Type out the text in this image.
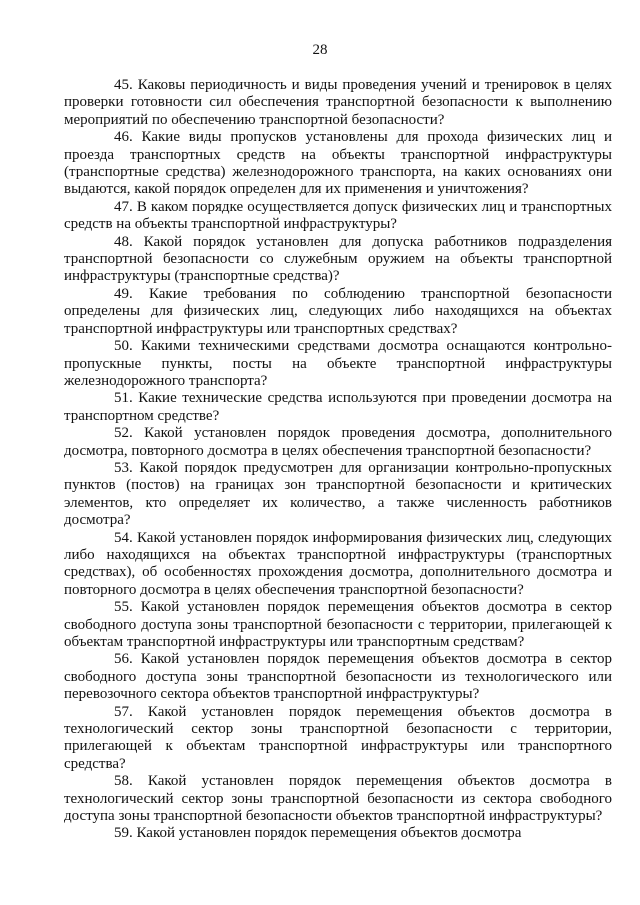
28

45. Каковы периодичность и виды проведения учений и тренировок в целях проверки готовности сил обеспечения транспортной безопасности к выполнению мероприятий по обеспечению транспортной безопасности?

46. Какие виды пропусков установлены для прохода физических лиц и проезда транспортных средств на объекты транспортной инфраструктуры (транспортные средства) железнодорожного транспорта, на каких основаниях они выдаются, какой порядок определен для их применения и уничтожения?

47. В каком порядке осуществляется допуск физических лиц и транспортных средств на объекты транспортной инфраструктуры?

48. Какой порядок установлен для допуска работников подразделения транспортной безопасности со служебным оружием на объекты транспортной инфраструктуры (транспортные средства)?

49. Какие требования по соблюдению транспортной безопасности определены для физических лиц, следующих либо находящихся на объектах транспортной инфраструктуры или транспортных средствах?

50. Какими техническими средствами досмотра оснащаются контрольно-пропускные пункты, посты на объекте транспортной инфраструктуры железнодорожного транспорта?

51. Какие технические средства используются при проведении досмотра на транспортном средстве?

52. Какой установлен порядок проведения досмотра, дополнительного досмотра, повторного досмотра в целях обеспечения транспортной безопасности?

53. Какой порядок предусмотрен для организации контрольно-пропускных пунктов (постов) на границах зон транспортной безопасности и критических элементов, кто определяет их количество, а также численность работников досмотра?

54. Какой установлен порядок информирования физических лиц, следующих либо находящихся на объектах транспортной инфраструктуры (транспортных средствах), об особенностях прохождения досмотра, дополнительного досмотра и повторного досмотра в целях обеспечения транспортной безопасности?

55. Какой установлен порядок перемещения объектов досмотра в сектор свободного доступа зоны транспортной безопасности с территории, прилегающей к объектам транспортной инфраструктуры или транспортным средствам?

56. Какой установлен порядок перемещения объектов досмотра в сектор свободного доступа зоны транспортной безопасности из технологического или перевозочного сектора объектов транспортной инфраструктуры?

57. Какой установлен порядок перемещения объектов досмотра в технологический сектор зоны транспортной безопасности с территории, прилегающей к объектам транспортной инфраструктуры или транспортного средства?

58. Какой установлен порядок перемещения объектов досмотра в технологический сектор зоны транспортной безопасности из сектора свободного доступа зоны транспортной безопасности объектов транспортной инфраструктуры?

59. Какой установлен порядок перемещения объектов досмотра
